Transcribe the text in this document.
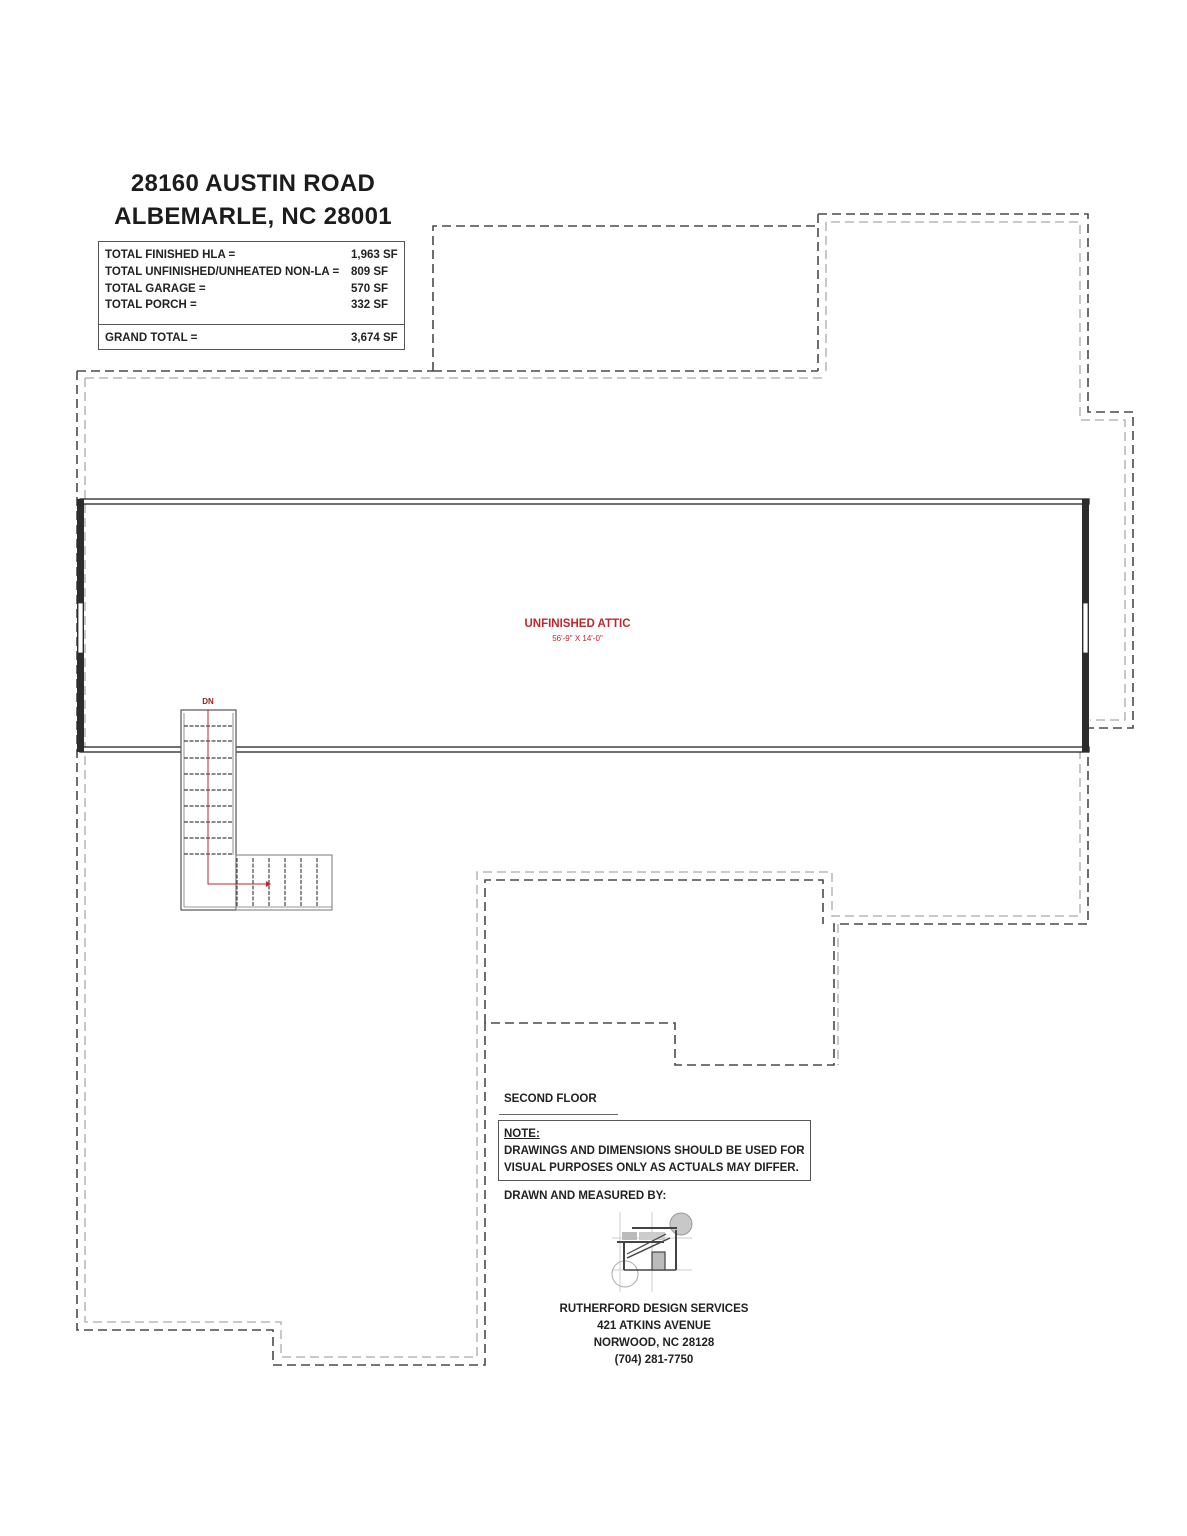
28160 AUSTIN ROAD
ALBEMARLE, NC 28001
TOTAL FINISHED HLA =	1,963 SF
TOTAL UNFINISHED/UNHEATED NON-LA = 809 SF
TOTAL GARAGE =	570 SF
TOTAL PORCH =	332 SF
GRAND TOTAL =	3,674 SF
UNFINISHED ATTIC
56'-9" X 14'-0"
DN
SECOND FLOOR
NOTE:
DRAWINGS AND DIMENSIONS SHOULD BE USED FOR
VISUAL PURPOSES ONLY AS ACTUALS MAY DIFFER.
DRAWN AND MEASURED BY:
RUTHERFORD DESIGN SERVICES
421 ATKINS AVENUE
NORWOOD, NC 28128
(704) 281-7750
